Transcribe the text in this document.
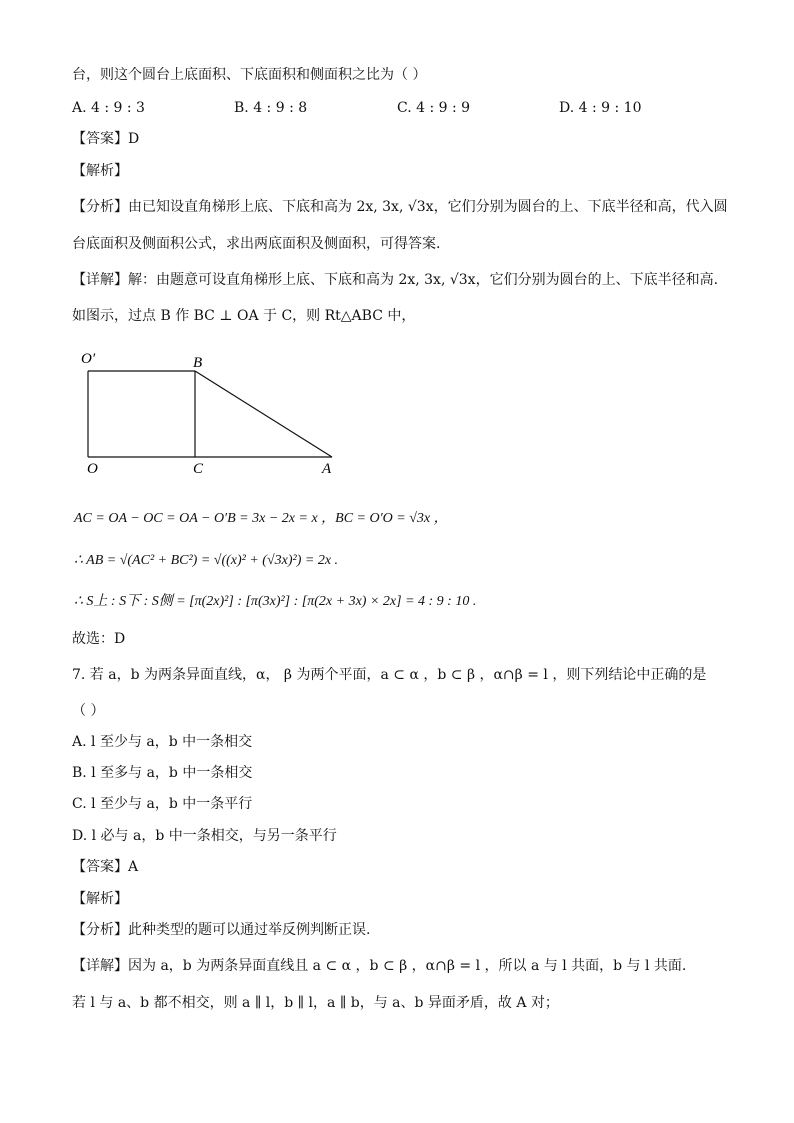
台，则这个圆台上底面积、下底面积和侧面积之比为（ ）
A. 4 : 9 : 3	B. 4 : 9 : 8	C. 4 : 9 : 9	D. 4 : 9 : 10
【答案】D
【解析】
【分析】由已知设直角梯形上底、下底和高为 2x, 3x, √3x，它们分别为圆台的上、下底半径和高，代入圆
台底面积及侧面积公式，求出两底面积及侧面积，可得答案.
【详解】解：由题意可设直角梯形上底、下底和高为 2x, 3x, √3x，它们分别为圆台的上、下底半径和高.
如图示，过点 B 作 BC ⊥ OA 于 C，则 Rt△ABC 中，
O′	B
O	C	A
AC = OA − OC = OA − O′B = 3x − 2x = x ，BC = O′O = √3x ，
∴ AB = √(AC² + BC²) = √((x)² + (√3x)²) = 2x .
∴ S上 : S下 : S侧 = [π(2x)²] : [π(3x)²] : [π(2x + 3x) × 2x] = 4 : 9 : 10 .
故选：D
7. 若 a，b 为两条异面直线，α， β 为两个平面，a ⊂ α ，b ⊂ β ，α∩β = l ，则下列结论中正确的是
（ ）
A. l 至少与 a，b 中一条相交
B. l 至多与 a，b 中一条相交
C. l 至少与 a，b 中一条平行
D. l 必与 a，b 中一条相交，与另一条平行
【答案】A
【解析】
【分析】此种类型的题可以通过举反例判断正误.
【详解】因为 a，b 为两条异面直线且 a ⊂ α ，b ⊂ β ，α∩β = l ，所以 a 与 l 共面，b 与 l 共面.
若 l 与 a、b 都不相交，则 a ∥ l，b ∥ l，a ∥ b，与 a、b 异面矛盾，故 A 对；
